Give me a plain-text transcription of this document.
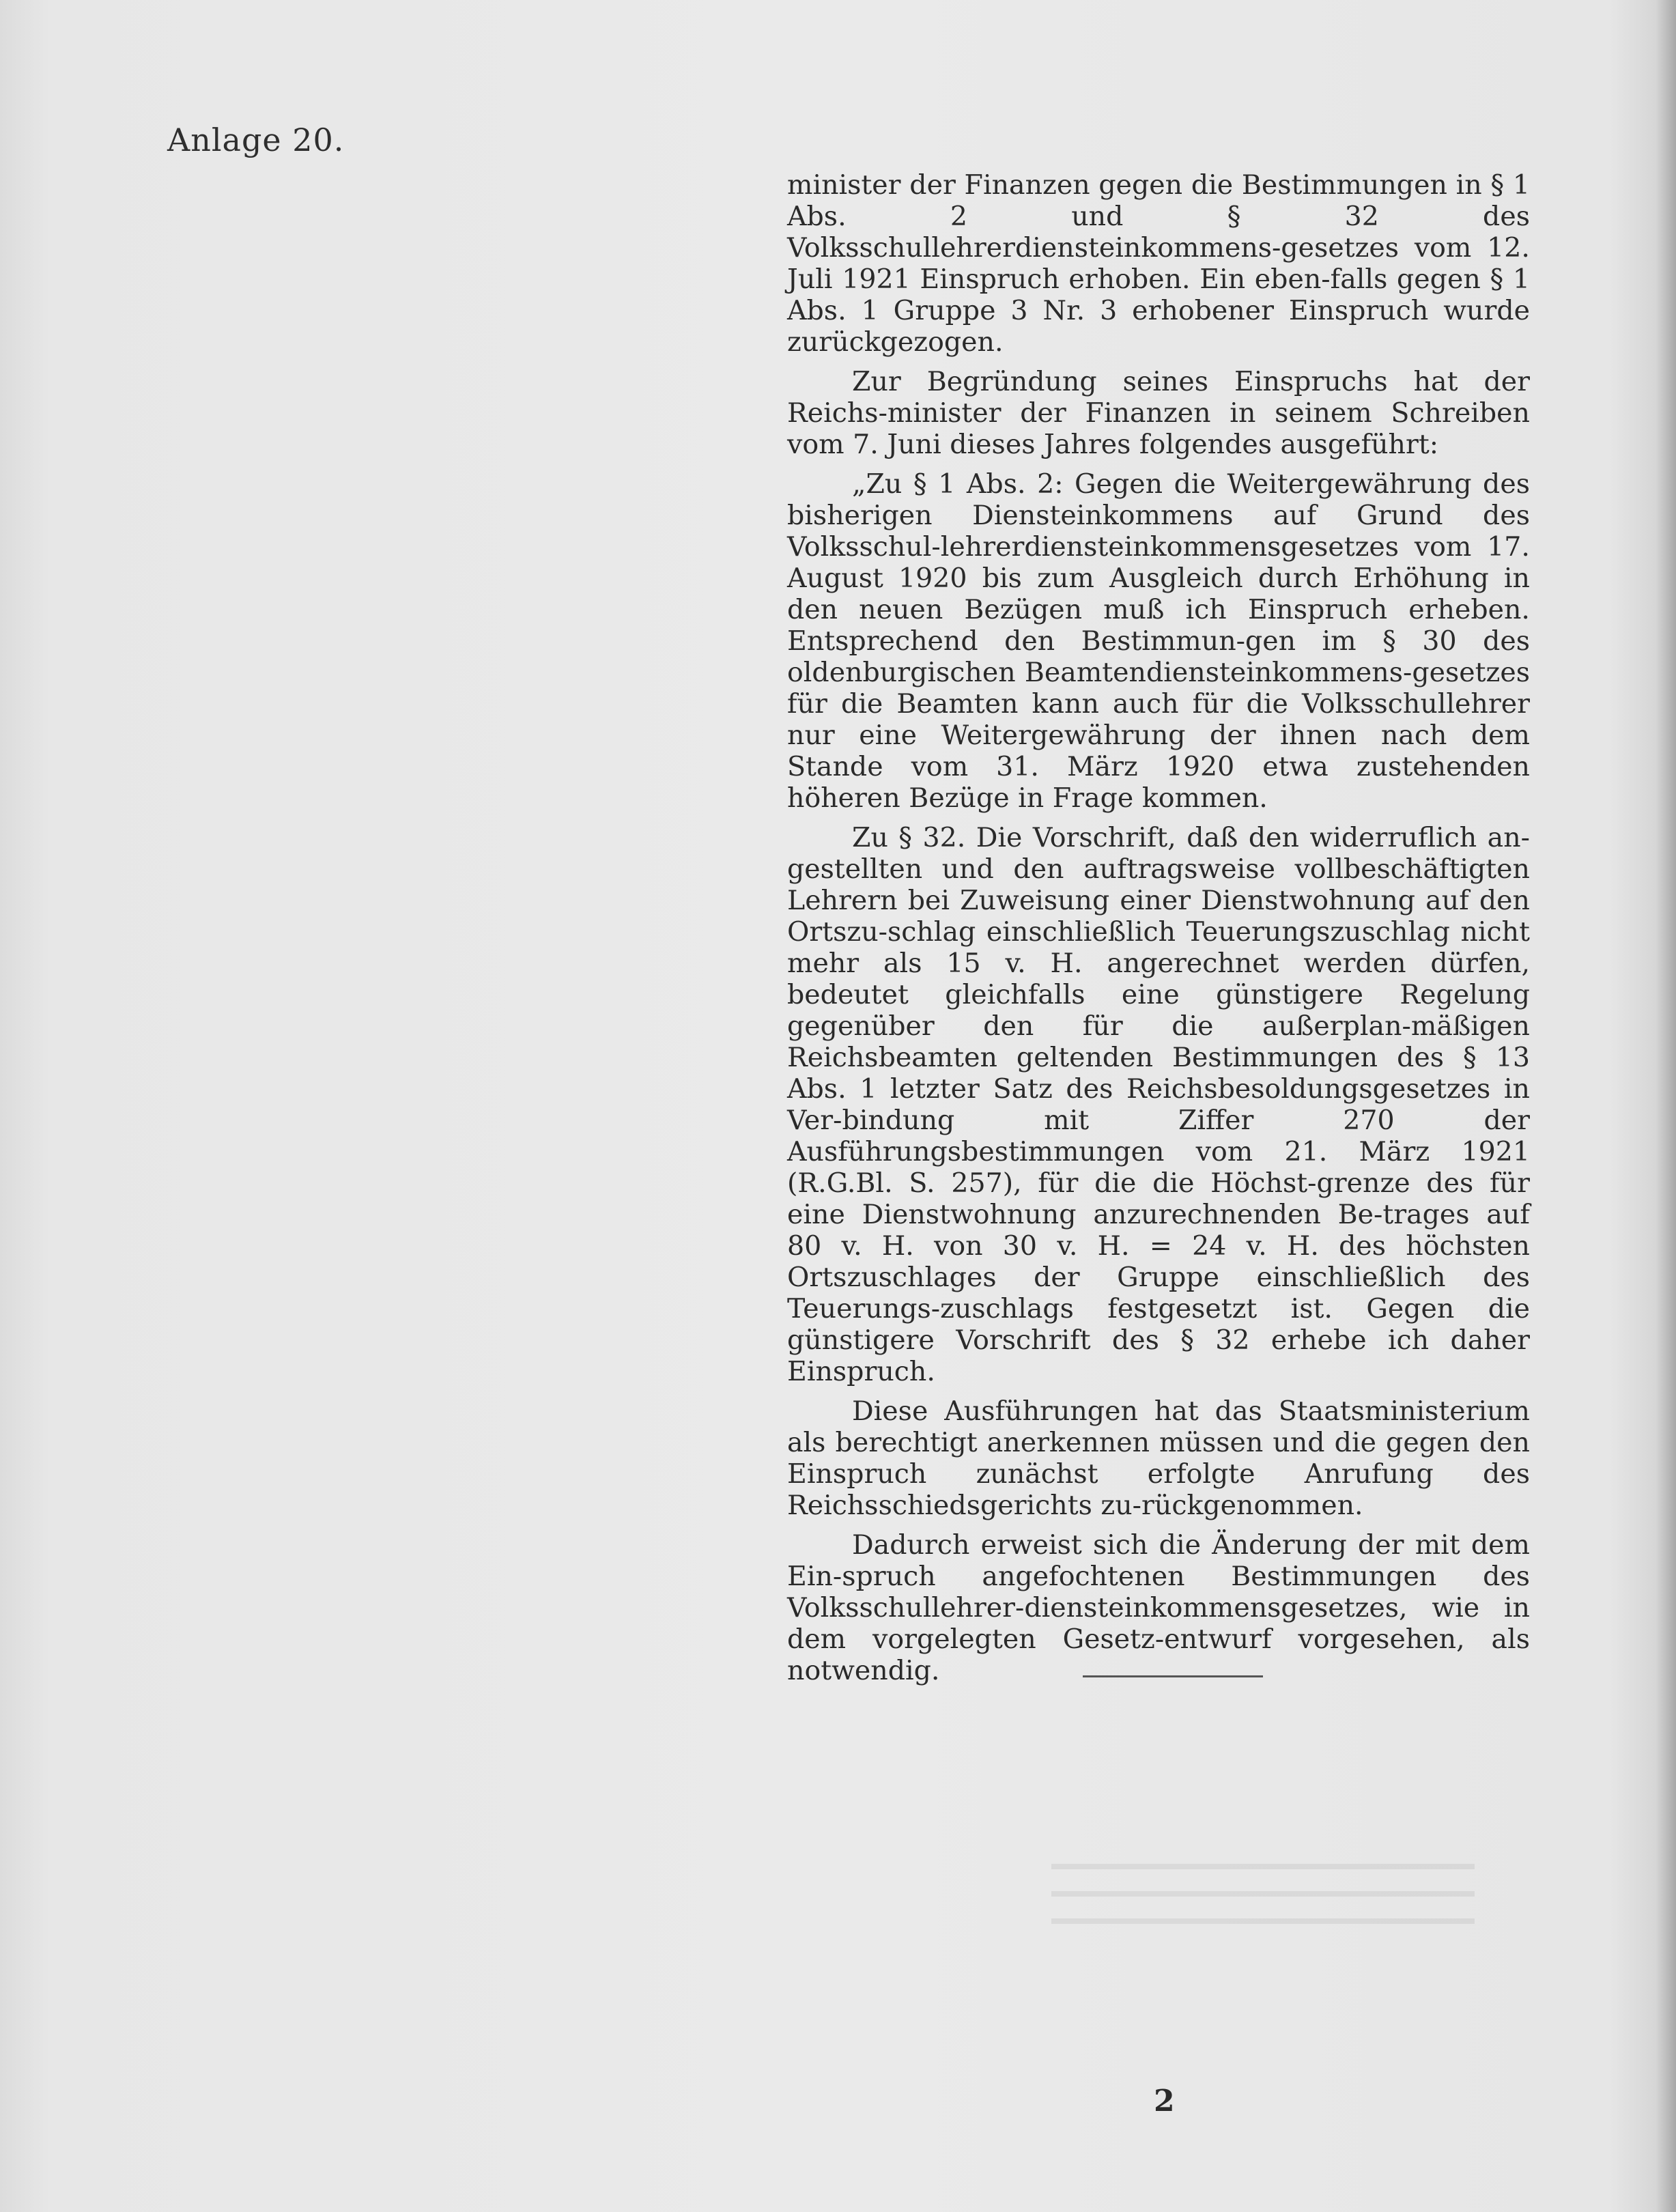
Anlage 20.

minister der Finanzen gegen die Bestimmungen in § 1 Abs. 2 und § 32 des Volksschullehrerdiensteinkommens-gesetzes vom 12. Juli 1921 Einspruch erhoben. Ein eben-falls gegen § 1 Abs. 1 Gruppe 3 Nr. 3 erhobener Einspruch wurde zurückgezogen.

Zur Begründung seines Einspruchs hat der Reichs-minister der Finanzen in seinem Schreiben vom 7. Juni dieses Jahres folgendes ausgeführt:

„Zu § 1 Abs. 2: Gegen die Weitergewährung des bisherigen Diensteinkommens auf Grund des Volksschul-lehrerdiensteinkommensgesetzes vom 17. August 1920 bis zum Ausgleich durch Erhöhung in den neuen Bezügen muß ich Einspruch erheben. Entsprechend den Bestimmun-gen im § 30 des oldenburgischen Beamtendiensteinkommens-gesetzes für die Beamten kann auch für die Volksschullehrer nur eine Weitergewährung der ihnen nach dem Stande vom 31. März 1920 etwa zustehenden höheren Bezüge in Frage kommen.

Zu § 32. Die Vorschrift, daß den widerruflich an-gestellten und den auftragsweise vollbeschäftigten Lehrern bei Zuweisung einer Dienstwohnung auf den Ortszu-schlag einschließlich Teuerungszuschlag nicht mehr als 15 v. H. angerechnet werden dürfen, bedeutet gleichfalls eine günstigere Regelung gegenüber den für die außerplan-mäßigen Reichsbeamten geltenden Bestimmungen des § 13 Abs. 1 letzter Satz des Reichsbesoldungsgesetzes in Ver-bindung mit Ziffer 270 der Ausführungsbestimmungen vom 21. März 1921 (R.G.Bl. S. 257), für die die Höchst-grenze des für eine Dienstwohnung anzurechnenden Be-trages auf 80 v. H. von 30 v. H. = 24 v. H. des höchsten Ortszuschlages der Gruppe einschließlich des Teuerungs-zuschlags festgesetzt ist. Gegen die günstigere Vorschrift des § 32 erhebe ich daher Einspruch.

Diese Ausführungen hat das Staatsministerium als berechtigt anerkennen müssen und die gegen den Einspruch zunächst erfolgte Anrufung des Reichsschiedsgerichts zu-rückgenommen.

Dadurch erweist sich die Änderung der mit dem Ein-spruch angefochtenen Bestimmungen des Volksschullehrer-diensteinkommensgesetzes, wie in dem vorgelegten Gesetz-entwurf vorgesehen, als notwendig.

2
